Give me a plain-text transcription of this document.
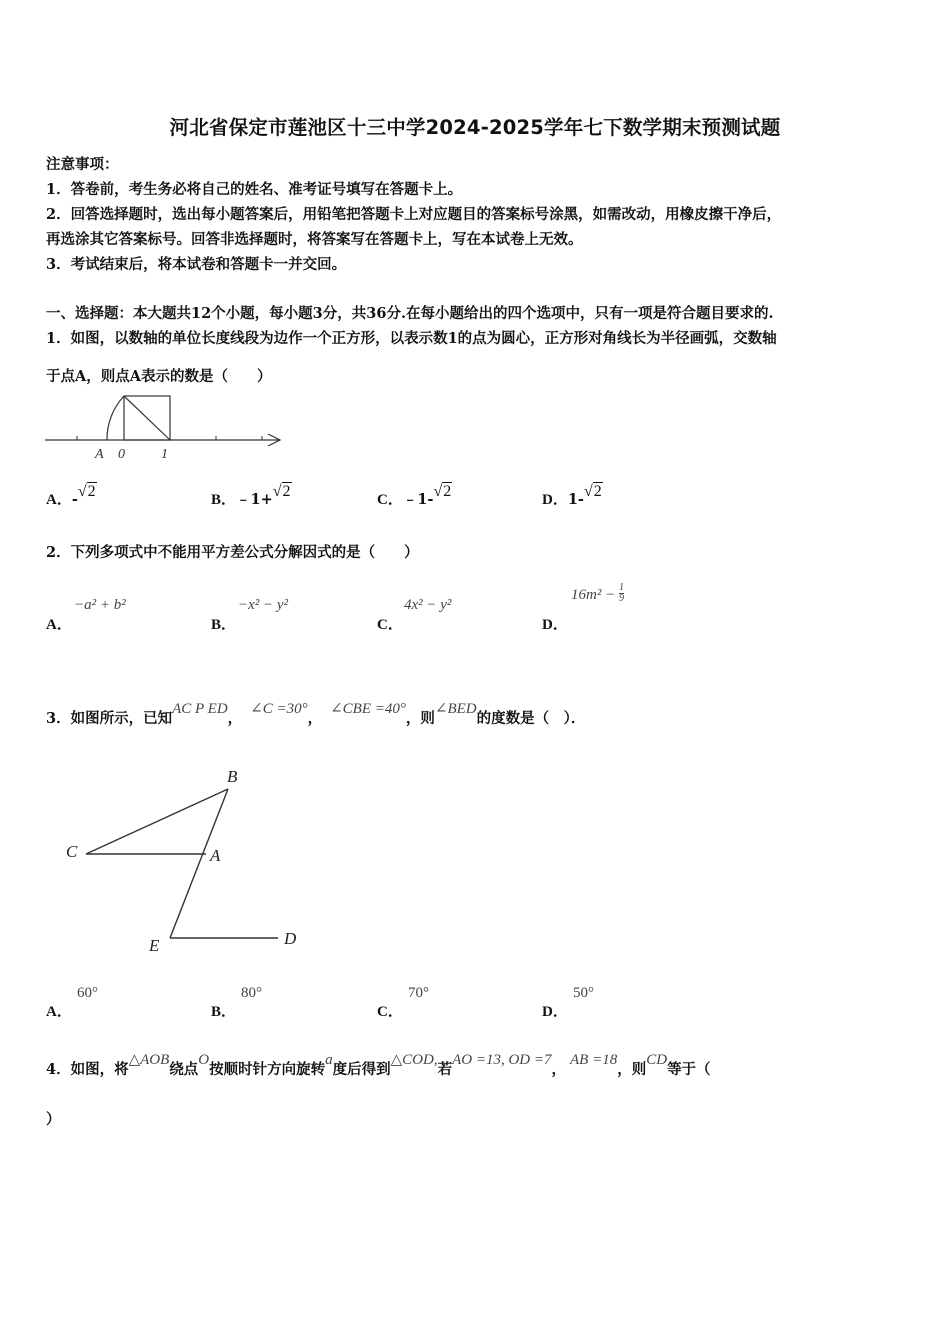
河北省保定市莲池区十三中学2024-2025学年七下数学期末预测试题
注意事项：
1．答卷前，考生务必将自己的姓名、准考证号填写在答题卡上。
2．回答选择题时，选出每小题答案后，用铅笔把答题卡上对应题目的答案标号涂黑，如需改动，用橡皮擦干净后，
再选涂其它答案标号。回答非选择题时，将答案写在答题卡上，写在本试卷上无效。
3．考试结束后，将本试卷和答题卡一并交回。
一、选择题：本大题共12个小题，每小题3分，共36分.在每小题给出的四个选项中，只有一项是符合题目要求的.
1．如图，以数轴的单位长度线段为边作一个正方形，以表示数1的点为圆心，正方形对角线长为半径画弧，交数轴
于点A，则点A表示的数是（　　）
A 0	1
A．-√2	B．﹣1+√2	C．﹣1-√2	D．1-√2
2．下列多项式中不能用平方差公式分解因式的是（　　）
A．
−a² + b²
B．
−x² − y²
C．
4x² − y²
D．
$16m^2 - \frac{1}{9}$
3．如图所示，已知AC P ED，∠C =30°，∠CBE =40°，则∠BED的度数是（　）．
B
C	A
E	D
A．
60°
B．
80°
C．
70°
D．
50°
4．如图，将△AOB绕点O按顺时针方向旋转a度后得到△COD,若AO =13, OD =7，AB =18，则CD等于（
）
